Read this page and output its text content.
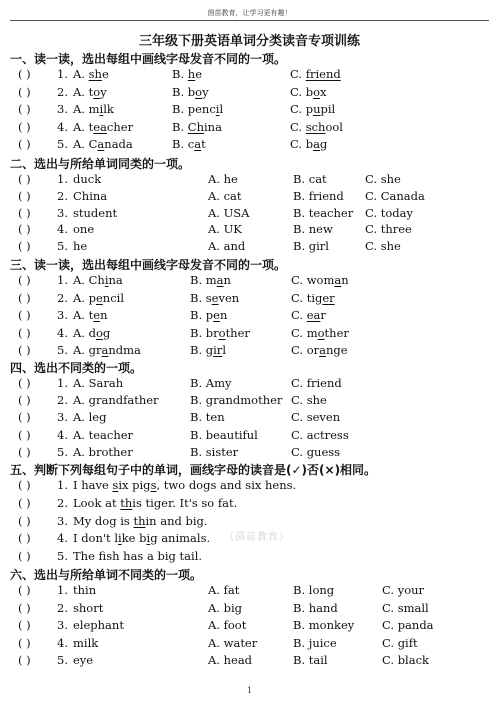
茵苗教育，让学习更有趣！
三年级下册英语单词分类读音专项训练
一、读一读，选出每组中画线字母发音不同的一项。
( ) 1. A. she	B. he	C. friend
( ) 2. A. toy	B. boy	C. box
( ) 3. A. milk	B. pencil	C. pupil
( ) 4. A. teacher	B. China	C. school
( ) 5. A. Canada	B. cat	C. bag
二、选出与所给单词同类的一项。
( ) 1. duck	A. he	B. cat	C. she
( ) 2. China	A. cat	B. friend C. Canada
( ) 3. student	A. USA	B. teacher C. today
( ) 4. one	A. UK	B. new	C. three
( ) 5. he	A. and	B. girl	C. she
三、读一读，选出每组中画线字母发音不同的一项。
( ) 1. A. China	B. man	C. woman
( ) 2. A. pencil	B. seven	C. tiger
( ) 3. A. ten	B. pen	C. ear
( ) 4. A. dog	B. brother	C. mother
( ) 5. A. grandma	B. girl	C. orange
四、选出不同类的一项。
( ) 1. A. Sarah	B. Amy	C. friend
( ) 2. A. grandfather	B. grandmother C. she
( ) 3. A. leg	B. ten	C. seven
( ) 4. A. teacher	B. beautiful	C. actress
( ) 5. A. brother	B. sister	C. guess
五、判断下列每组句子中的单词，画线字母的读音是(✓)否(×)相同。
( ) 1. I have six pigs, two dogs and six hens.
( ) 2. Look at this tiger. It's so fat.
( ) 3. My dog is thin and big.
( ) 4. I don't like big animals.
( ) 5. The fish has a big tail.
六、选出与所给单词不同类的一项。
( ) 1. thin	A. fat	B. long	C. your
( ) 2. short	A. big	B. hand	C. small
( ) 3. elephant	A. foot	B. monkey C. panda
( ) 4. milk	A. water	B. juice	C. gift
( ) 5. eye	A. head	B. tail	C. black
（茵苗教育）
1
